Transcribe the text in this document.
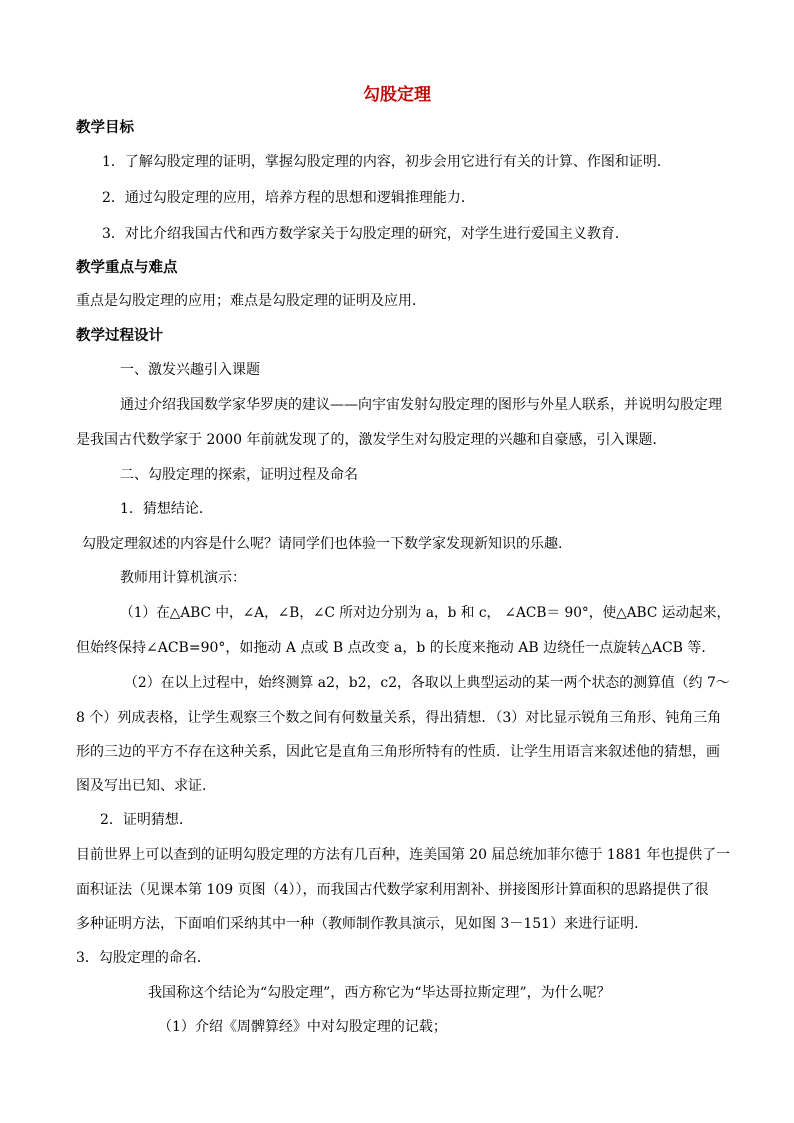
勾股定理
教学目标
1．了解勾股定理的证明，掌握勾股定理的内容，初步会用它进行有关的计算、作图和证明．
2．通过勾股定理的应用，培养方程的思想和逻辑推理能力．
3．对比介绍我国古代和西方数学家关于勾股定理的研究，对学生进行爱国主义教育．
教学重点与难点
重点是勾股定理的应用；难点是勾股定理的证明及应用．
教学过程设计
一、激发兴趣引入课题
通过介绍我国数学家华罗庚的建议——向宇宙发射勾股定理的图形与外星人联系，并说明勾股定理
是我国古代数学家于 2000 年前就发现了的，激发学生对勾股定理的兴趣和自豪感，引入课题．
二、勾股定理的探索，证明过程及命名
1．猜想结论．
勾股定理叙述的内容是什么呢？请同学们也体验一下数学家发现新知识的乐趣.
教师用计算机演示：
（1）在△ABC 中，∠A，∠B，∠C 所对边分别为 a，b 和 c， ∠ACB＝ 90°，使△ABC 运动起来，
但始终保持∠ACB=90°，如拖动 A 点或 B 点改变 a，b 的长度来拖动 AB 边绕任一点旋转△ACB 等．
（2）在以上过程中，始终测算 a2，b2，c2，各取以上典型运动的某一两个状态的测算值（约 7～
8 个）列成表格，让学生观察三个数之间有何数量关系，得出猜想．（3）对比显示锐角三角形、钝角三角
形的三边的平方不存在这种关系，因此它是直角三角形所特有的性质．让学生用语言来叙述他的猜想，画
图及写出已知、求证．
2．证明猜想．
目前世界上可以查到的证明勾股定理的方法有几百种，连美国第 20 届总统加菲尔德于 1881 年也提供了一
面积证法（见课本第 109 页图（4）），而我国古代数学家利用割补、拼接图形计算面积的思路提供了很
多种证明方法，下面咱们采纳其中一种（教师制作教具演示，见如图 3－151）来进行证明．
3．勾股定理的命名．
我国称这个结论为“勾股定理”，西方称它为“毕达哥拉斯定理”，为什么呢？
（1）介绍《周髀算经》中对勾股定理的记载；
